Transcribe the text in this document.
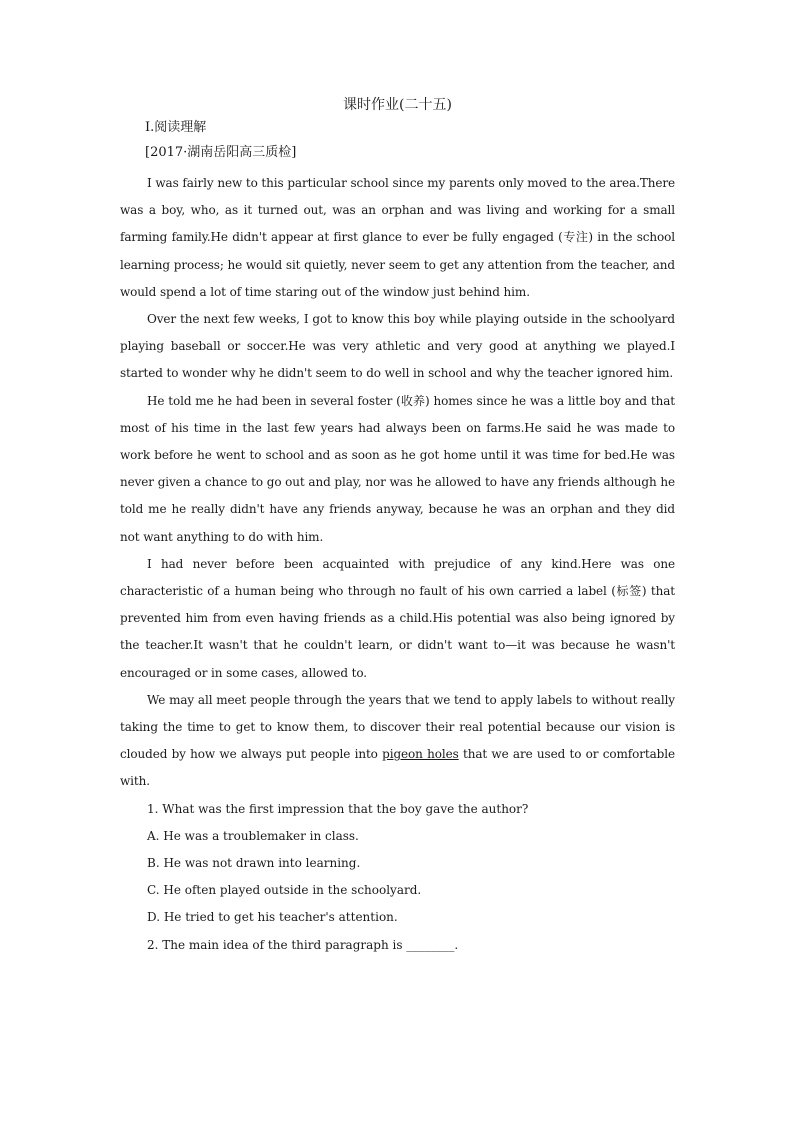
课时作业(二十五)
Ⅰ.阅读理解
[2017·湖南岳阳高三质检]

I was fairly new to this particular school since my parents only moved to the area.There was a boy, who, as it turned out, was an orphan and was living and working for a small farming family.He didn't appear at first glance to ever be fully engaged (专注) in the school learning process; he would sit quietly, never seem to get any attention from the teacher, and would spend a lot of time staring out of the window just behind him.

Over the next few weeks, I got to know this boy while playing outside in the schoolyard playing baseball or soccer.He was very athletic and very good at anything we played.I started to wonder why he didn't seem to do well in school and why the teacher ignored him.

He told me he had been in several foster (收养) homes since he was a little boy and that most of his time in the last few years had always been on farms.He said he was made to work before he went to school and as soon as he got home until it was time for bed.He was never given a chance to go out and play, nor was he allowed to have any friends although he told me he really didn't have any friends anyway, because he was an orphan and they did not want anything to do with him.

I had never before been acquainted with prejudice of any kind.Here was one characteristic of a human being who through no fault of his own carried a label (标签) that prevented him from even having friends as a child.His potential was also being ignored by the teacher.It wasn't that he couldn't learn, or didn't want to—it was because he wasn't encouraged or in some cases, allowed to.

We may all meet people through the years that we tend to apply labels to without really taking the time to get to know them, to discover their real potential because our vision is clouded by how we always put people into pigeon holes that we are used to or comfortable with.

1. What was the first impression that the boy gave the author?
A. He was a troublemaker in class.
B. He was not drawn into learning.
C. He often played outside in the schoolyard.
D. He tried to get his teacher's attention.
2. The main idea of the third paragraph is ________.
